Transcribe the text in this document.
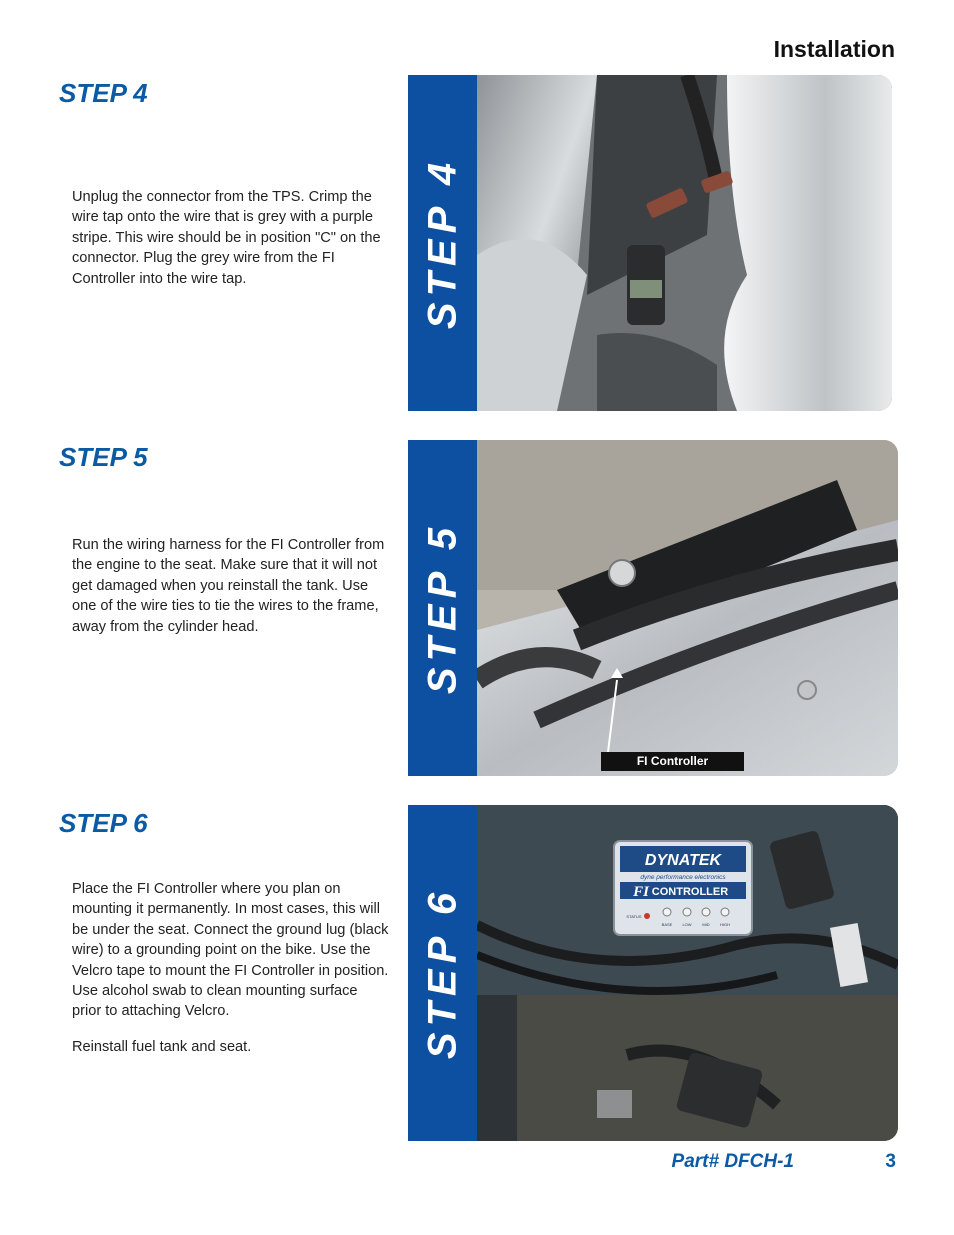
Installation
STEP 4

Unplug the connector from the TPS. Crimp the wire tap onto the wire that is grey with a purple stripe. This wire should be in position "C" on the connector. Plug the grey wire from the FI Controller into the wire tap.	STEP 4
STEP 5

Run the wiring harness for the FI Controller from the engine to the seat. Make sure that it will not get damaged when you reinstall the tank. Use one of the wire ties to tie the wires to the frame, away from the cylinder head.	STEP 5
FI Controller
STEP 6

Place the FI Controller where you plan on mounting it permanently. In most cases, this will be under the seat. Connect the ground lug (black wire) to a grounding point on the bike. Use the Velcro tape to mount the FI Controller in position. Use alcohol swab to clean mounting surface prior to attaching Velcro.

Reinstall fuel tank and seat.	STEP 6
DYNATEK
dyne performance electronics
FI CONTROLLER
STATUS
BASE	LOW	MID	HIGH
Part# DFCH-1	3
